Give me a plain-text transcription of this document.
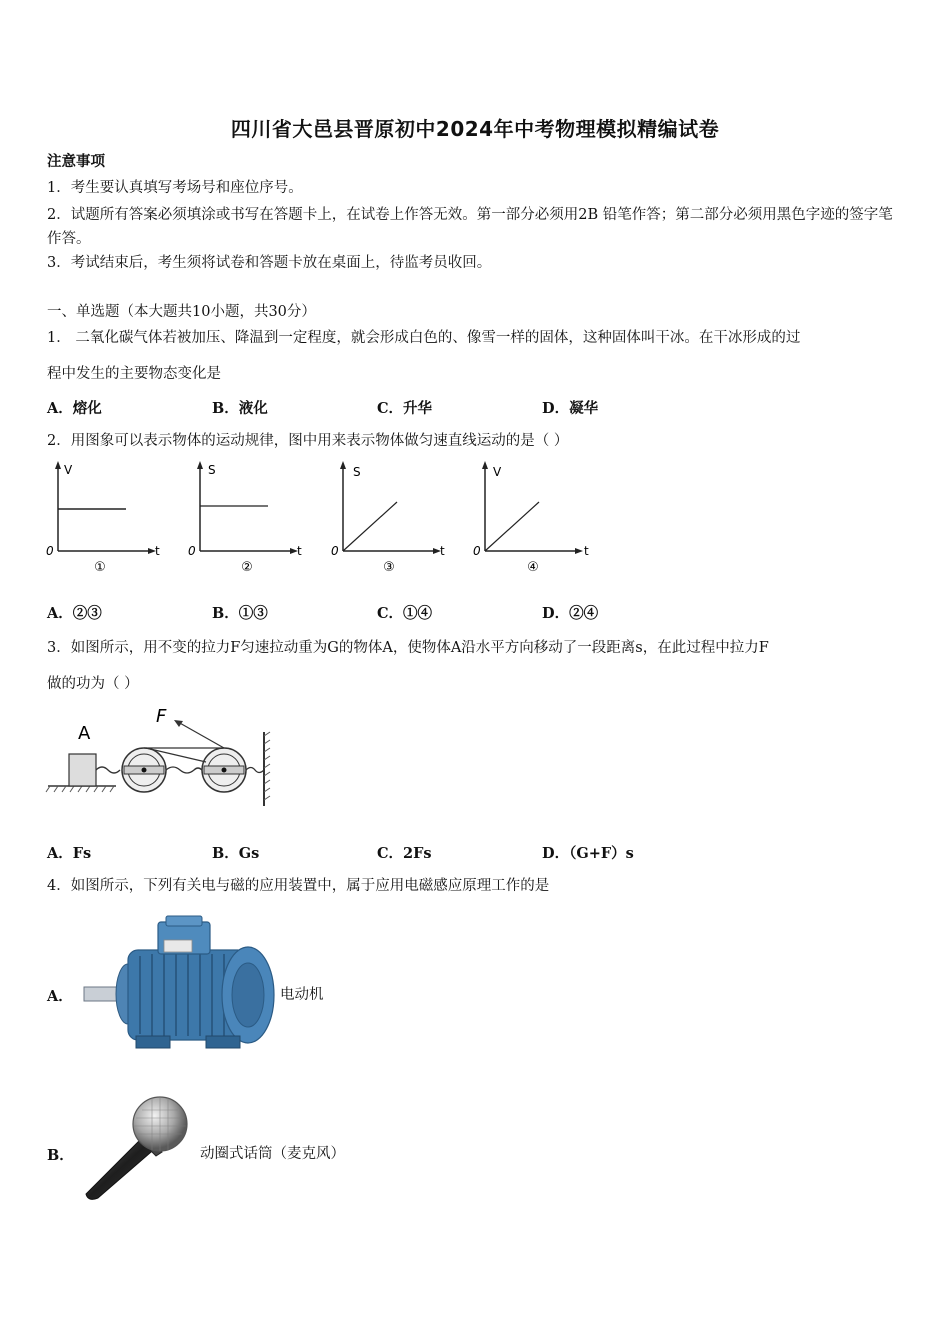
四川省大邑县晋原初中2024年中考物理模拟精编试卷
注意事项
1．考生要认真填写考场号和座位序号。
2．试题所有答案必须填涂或书写在答题卡上，在试卷上作答无效。第一部分必须用2B 铅笔作答；第二部分必须用黑色字迹的签字笔作答。
3．考试结束后，考生须将试卷和答题卡放在桌面上，待监考员收回。
一、单选题（本大题共10小题，共30分）
1． 二氧化碳气体若被加压、降温到一定程度，就会形成白色的、像雪一样的固体，这种固体叫干冰。在干冰形成的过
程中发生的主要物态变化是
A．熔化	B．液化	C．升华	D．凝华
2．用图象可以表示物体的运动规律，图中用来表示物体做匀速直线运动的是（ ）
V
t
0
①
S
t
0
②
S
t
0
③
V
t
0
④
A．②③	B．①③	C．①④	D．②④
3．如图所示，用不变的拉力F匀速拉动重为G的物体A，使物体A沿水平方向移动了一段距离s，在此过程中拉力F
做的功为（ ）
A
F
A．Fs	B．Gs	C．2Fs	D．（G+F）s
4．如图所示，下列有关电与磁的应用装置中，属于应用电磁感应原理工作的是
A．	电动机
B．	动圈式话筒（麦克风）
